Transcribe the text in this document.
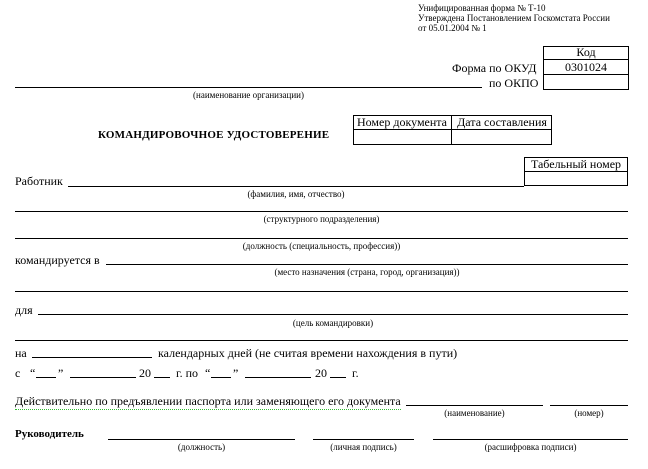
Унифицированная форма № Т-10
Утверждена Постановлением Госкомстата России
от 05.01.2004 № 1
Код
0301024
Форма по ОКУД
по ОКПО
(наименование организации)
КОМАНДИРОВОЧНОЕ УДОСТОВЕРЕНИЕ
Номер документа Дата составления
Табельный номер
Работник
(фамилия, имя, отчество)
(структурного подразделения)
(должность (специальность, профессия))
командируется в
(место назначения (страна, город, организация))
для
(цель командировки)
на	календарных дней (не считая времени нахождения в пути)
с “ ”	20 г. по “ ”	20 г.
Действительно по предъявлении паспорта или заменяющего его документа
(наименование)	(номер)
Руководитель
(должность)	(личная подпись)	(расшифровка подписи)
